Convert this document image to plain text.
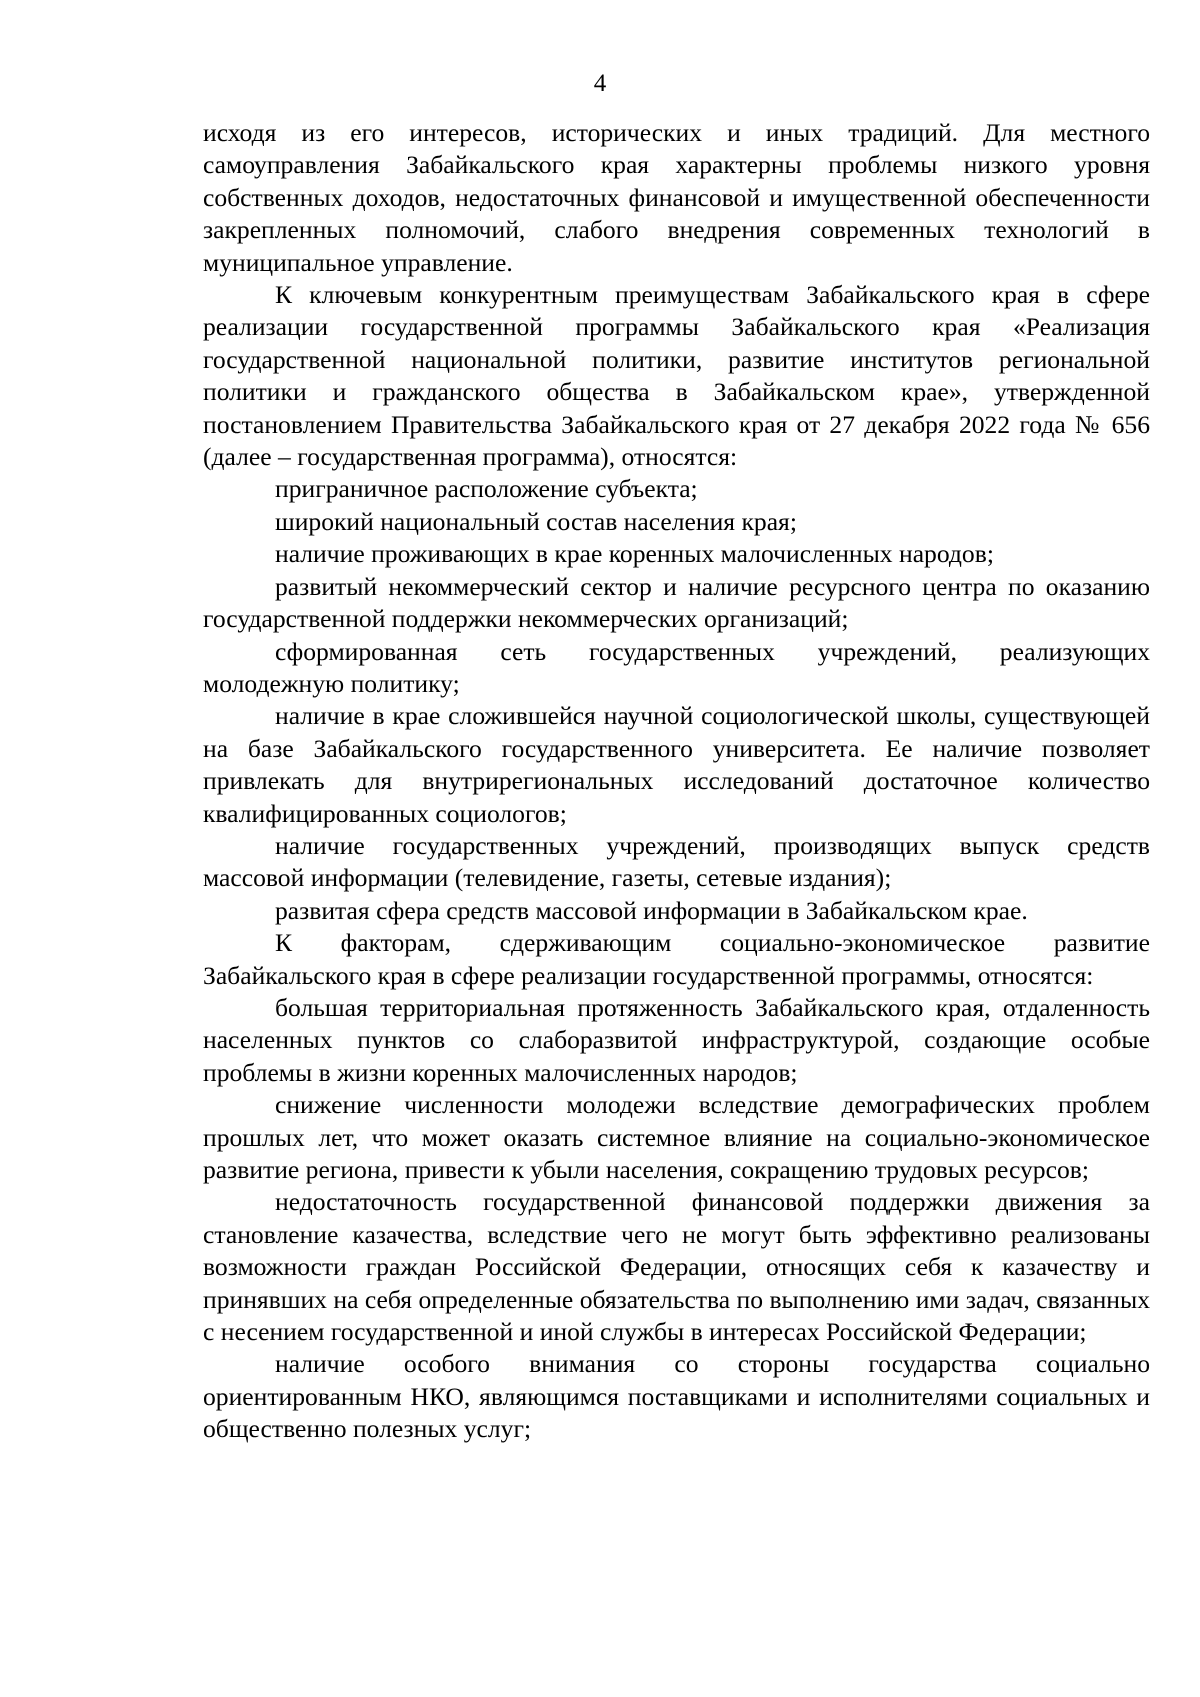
4

исходя из его интересов, исторических и иных традиций. Для местного самоуправления Забайкальского края характерны проблемы низкого уровня собственных доходов, недостаточных финансовой и имущественной обеспеченности закрепленных полномочий, слабого внедрения современных технологий в муниципальное управление.

К ключевым конкурентным преимуществам Забайкальского края в сфере реализации государственной программы Забайкальского края «Реализация государственной национальной политики, развитие институтов региональной политики и гражданского общества в Забайкальском крае», утвержденной постановлением Правительства Забайкальского края от 27 декабря 2022 года № 656 (далее – государственная программа), относятся:

приграничное расположение субъекта;

широкий национальный состав населения края;

наличие проживающих в крае коренных малочисленных народов;

развитый некоммерческий сектор и наличие ресурсного центра по оказанию государственной поддержки некоммерческих организаций;

сформированная сеть государственных учреждений, реализующих молодежную политику;

наличие в крае сложившейся научной социологической школы, существующей на базе Забайкальского государственного университета. Ее наличие позволяет привлекать для внутрирегиональных исследований достаточное количество квалифицированных социологов;

наличие государственных учреждений, производящих выпуск средств массовой информации (телевидение, газеты, сетевые издания);

развитая сфера средств массовой информации в Забайкальском крае.

К факторам, сдерживающим социально-экономическое развитие Забайкальского края в сфере реализации государственной программы, относятся:

большая территориальная протяженность Забайкальского края, отдаленность населенных пунктов со слаборазвитой инфраструктурой, создающие особые проблемы в жизни коренных малочисленных народов;

снижение численности молодежи вследствие демографических проблем прошлых лет, что может оказать системное влияние на социально-экономическое развитие региона, привести к убыли населения, сокращению трудовых ресурсов;

недостаточность государственной финансовой поддержки движения за становление казачества, вследствие чего не могут быть эффективно реализованы возможности граждан Российской Федерации, относящих себя к казачеству и принявших на себя определенные обязательства по выполнению ими задач, связанных с несением государственной и иной службы в интересах Российской Федерации;

наличие особого внимания со стороны государства социально ориентированным НКО, являющимся поставщиками и исполнителями социальных и общественно полезных услуг;
